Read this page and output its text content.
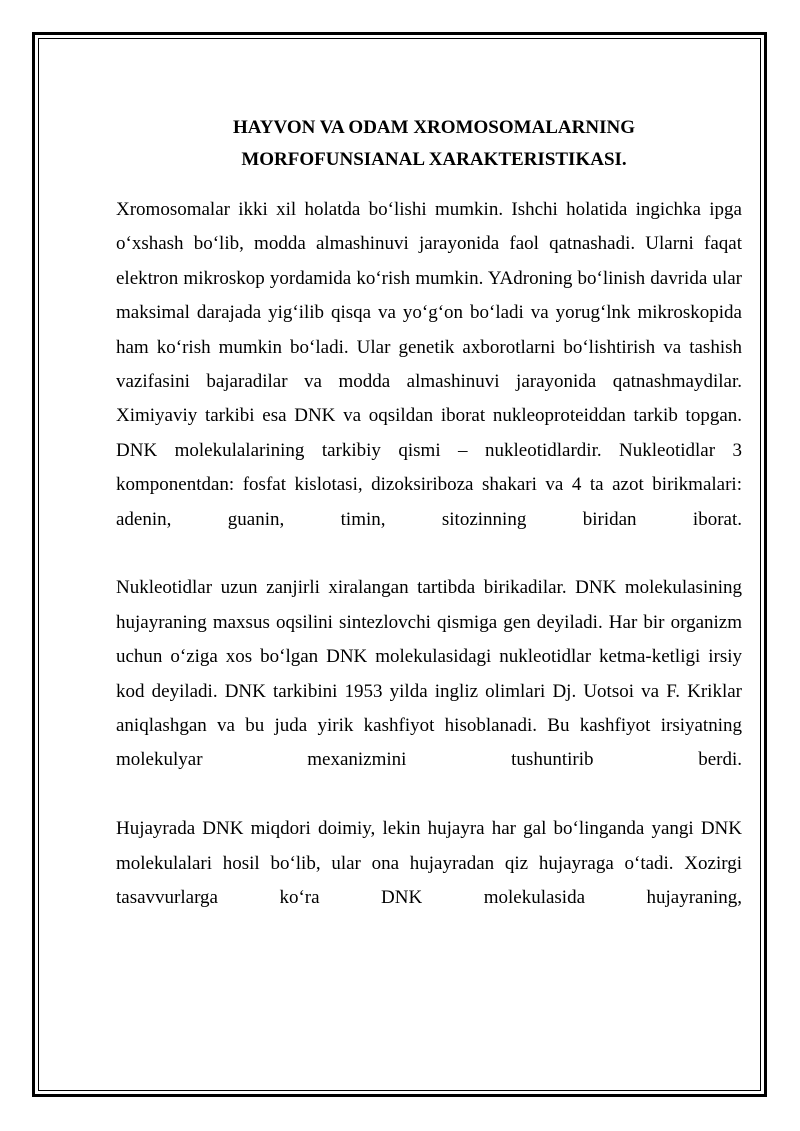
HAYVON VA ODAM XROMOSOMALARNING
MORFOFUNSIANAL XARAKTERISTIKASI.

Xromosomalar ikki xil holatda bo‘lishi mumkin. Ishchi holatida ingichka ipga o‘xshash bo‘lib, modda almashinuvi jarayonida faol qatnashadi. Ularni faqat elektron mikroskop yordamida ko‘rish mumkin. YAdroning bo‘linish davrida ular maksimal darajada yig‘ilib qisqa va yo‘g‘on bo‘ladi va yorug‘lnk mikroskopida ham ko‘rish mumkin bo‘ladi. Ular genetik axborotlarni bo‘lishtirish va tashish vazifasini bajaradilar va modda almashinuvi jarayonida qatnashmaydilar. Ximiyaviy tarkibi esa DNK va oqsildan iborat nukleoproteiddan tarkib topgan. DNK molekulalarining tarkibiy qismi – nukleotidlardir. Nukleotidlar 3 komponentdan: fosfat kislotasi, dizoksiriboza shakari va 4 ta azot birikmalari: adenin, guanin, timin, sitozinning biridan iborat.

Nukleotidlar uzun zanjirli xiralangan tartibda birikadilar. DNK molekulasining hujayraning maxsus oqsilini sintezlovchi qismiga gen deyiladi. Har bir organizm uchun o‘ziga xos bo‘lgan DNK molekulasidagi nukleotidlar ketma-ketligi irsiy kod deyiladi. DNK tarkibini 1953 yilda ingliz olimlari Dj. Uotsoi va F. Kriklar aniqlashgan va bu juda yirik kashfiyot hisoblanadi. Bu kashfiyot irsiyatning molekulyar mexanizmini tushuntirib berdi.

Hujayrada DNK miqdori doimiy, lekin hujayra har gal bo‘linganda yangi DNK molekulalari hosil bo‘lib, ular ona hujayradan qiz hujayraga o‘tadi. Xozirgi tasavvurlarga ko‘ra DNK molekulasida hujayraning,
